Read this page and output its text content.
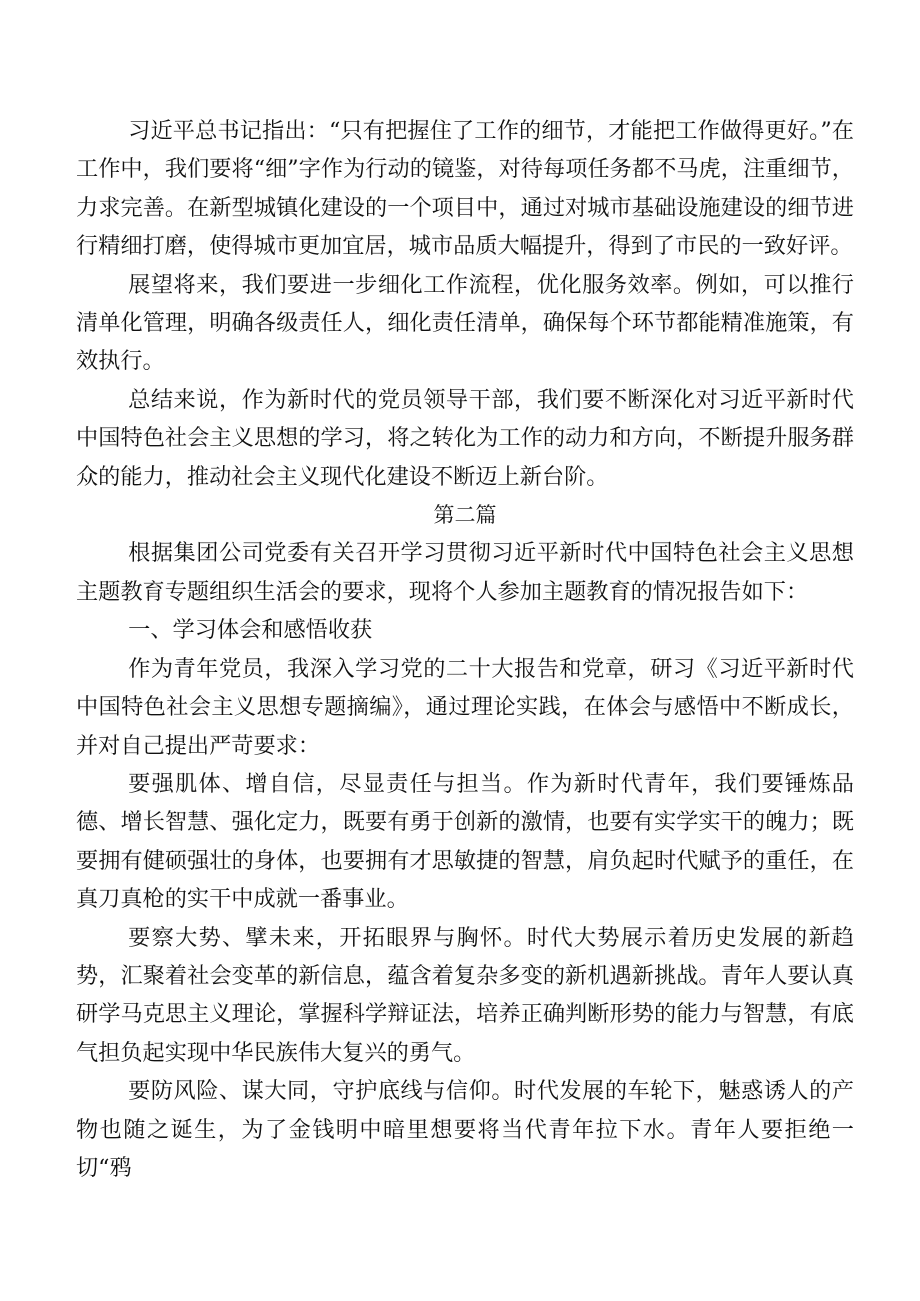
习近平总书记指出：“只有把握住了工作的细节，才能把工作做得更好。”在工作中，我们要将“细”字作为行动的镜鉴，对待每项任务都不马虎，注重细节，力求完善。在新型城镇化建设的一个项目中，通过对城市基础设施建设的细节进行精细打磨，使得城市更加宜居，城市品质大幅提升，得到了市民的一致好评。

展望将来，我们要进一步细化工作流程，优化服务效率。例如，可以推行清单化管理，明确各级责任人，细化责任清单，确保每个环节都能精准施策，有效执行。

总结来说，作为新时代的党员领导干部，我们要不断深化对习近平新时代中国特色社会主义思想的学习，将之转化为工作的动力和方向，不断提升服务群众的能力，推动社会主义现代化建设不断迈上新台阶。

第二篇

根据集团公司党委有关召开学习贯彻习近平新时代中国特色社会主义思想主题教育专题组织生活会的要求，现将个人参加主题教育的情况报告如下：

一、学习体会和感悟收获

作为青年党员，我深入学习党的二十大报告和党章，研习《习近平新时代中国特色社会主义思想专题摘编》，通过理论实践，在体会与感悟中不断成长，并对自己提出严苛要求：

要强肌体、增自信，尽显责任与担当。作为新时代青年，我们要锤炼品德、增长智慧、强化定力，既要有勇于创新的激情，也要有实学实干的魄力；既要拥有健硕强壮的身体，也要拥有才思敏捷的智慧，肩负起时代赋予的重任，在真刀真枪的实干中成就一番事业。

要察大势、擘未来，开拓眼界与胸怀。时代大势展示着历史发展的新趋势，汇聚着社会变革的新信息，蕴含着复杂多变的新机遇新挑战。青年人要认真研学马克思主义理论，掌握科学辩证法，培养正确判断形势的能力与智慧，有底气担负起实现中华民族伟大复兴的勇气。

要防风险、谋大同，守护底线与信仰。时代发展的车轮下，魅惑诱人的产物也随之诞生，为了金钱明中暗里想要将当代青年拉下水。青年人要拒绝一切“鸦
